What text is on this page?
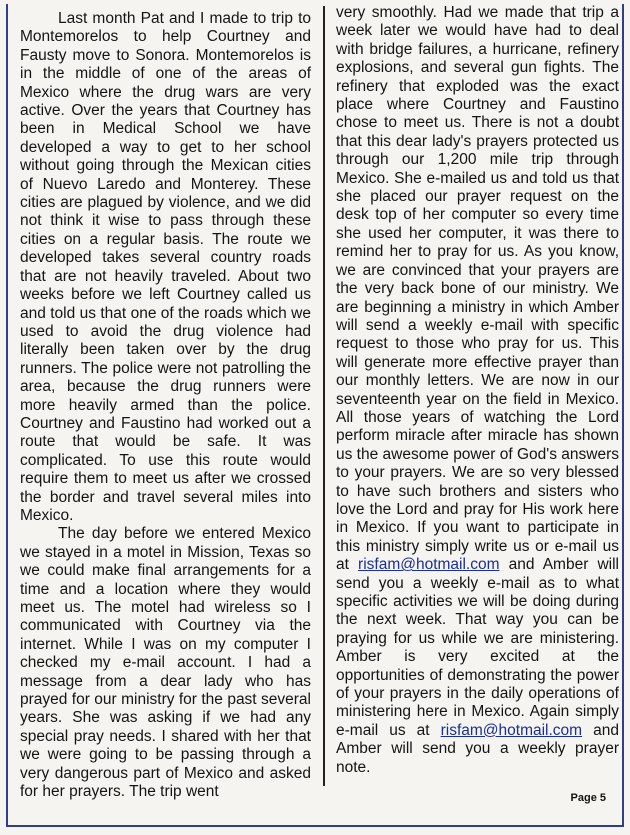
Last month Pat and I made to trip to Montemorelos to help Courtney and Fausty move to Sonora. Montemorelos is in the middle of one of the areas of Mexico where the drug wars are very active. Over the years that Courtney has been in Medical School we have developed a way to get to her school without going through the Mexican cities of Nuevo Laredo and Monterey. These cities are plagued by violence, and we did not think it wise to pass through these cities on a regular basis. The route we developed takes several country roads that are not heavily traveled. About two weeks before we left Courtney called us and told us that one of the roads which we used to avoid the drug violence had literally been taken over by the drug runners. The police were not patrolling the area, because the drug runners were more heavily armed than the police. Courtney and Faustino had worked out a route that would be safe. It was complicated. To use this route would require them to meet us after we crossed the border and travel several miles into Mexico.

The day before we entered Mexico we stayed in a motel in Mission, Texas so we could make final arrangements for a time and a location where they would meet us. The motel had wireless so I communicated with Courtney via the internet. While I was on my computer I checked my e-mail account. I had a message from a dear lady who has prayed for our ministry for the past several years. She was asking if we had any special pray needs. I shared with her that we were going to be passing through a very dangerous part of Mexico and asked for her prayers. The trip went

very smoothly. Had we made that trip a week later we would have had to deal with bridge failures, a hurricane, refinery explosions, and several gun fights. The refinery that exploded was the exact place where Courtney and Faustino chose to meet us. There is not a doubt that this dear lady's prayers protected us through our 1,200 mile trip through Mexico. She e-mailed us and told us that she placed our prayer request on the desk top of her computer so every time she used her computer, it was there to remind her to pray for us. As you know, we are convinced that your prayers are the very back bone of our ministry. We are beginning a ministry in which Amber will send a weekly e-mail with specific request to those who pray for us. This will generate more effective prayer than our monthly letters. We are now in our seventeenth year on the field in Mexico. All those years of watching the Lord perform miracle after miracle has shown us the awesome power of God's answers to your prayers. We are so very blessed to have such brothers and sisters who love the Lord and pray for His work here in Mexico. If you want to participate in this ministry simply write us or e-mail us at risfam@hotmail.com and Amber will send you a weekly e-mail as to what specific activities we will be doing during the next week. That way you can be praying for us while we are ministering. Amber is very excited at the opportunities of demonstrating the power of your prayers in the daily operations of ministering here in Mexico. Again simply e-mail us at risfam@hotmail.com and Amber will send you a weekly prayer note.

Page 5
